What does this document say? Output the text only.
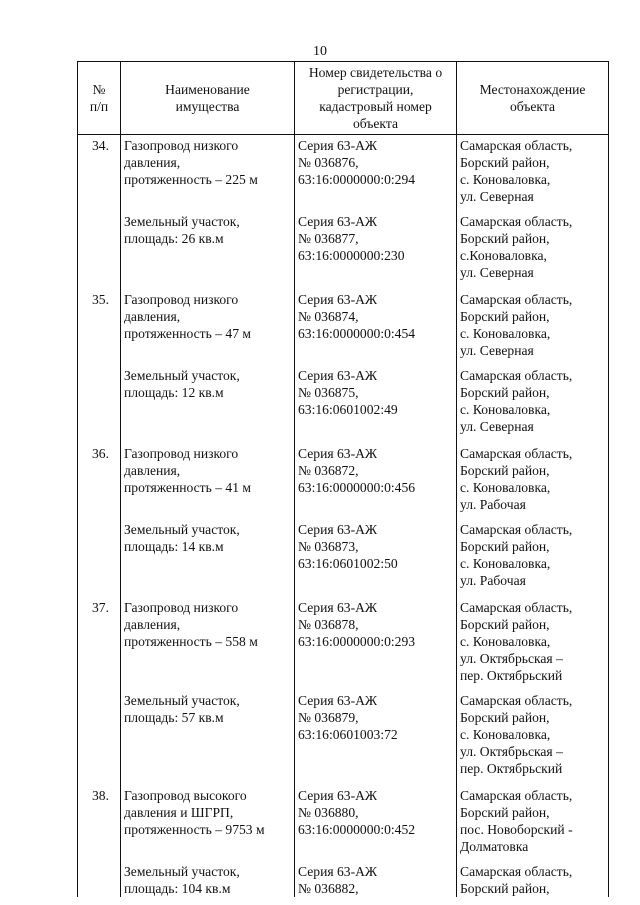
10
№
п/п	Наименование
имущества	Номер свидетельства о
регистрации,
кадастровый номер
объекта	Местонахождение
объекта

34.	Газопровод низкого
давления,
протяженность – 225 м	Серия 63-АЖ
№ 036876,
63:16:0000000:0:294	Самарская область,
Борский район,
с. Коноваловка,
ул. Северная

	Земельный участок,
площадь: 26 кв.м	Серия 63-АЖ
№ 036877,
63:16:0000000:230	Самарская область,
Борский район,
с.Коноваловка,
ул. Северная

35.	Газопровод низкого
давления,
протяженность – 47 м	Серия 63-АЖ
№ 036874,
63:16:0000000:0:454	Самарская область,
Борский район,
с. Коноваловка,
ул. Северная

	Земельный участок,
площадь: 12 кв.м	Серия 63-АЖ
№ 036875,
63:16:0601002:49	Самарская область,
Борский район,
с. Коноваловка,
ул. Северная

36.	Газопровод низкого
давления,
протяженность – 41 м	Серия 63-АЖ
№ 036872,
63:16:0000000:0:456	Самарская область,
Борский район,
с. Коноваловка,
ул. Рабочая

	Земельный участок,
площадь: 14 кв.м	Серия 63-АЖ
№ 036873,
63:16:0601002:50	Самарская область,
Борский район,
с. Коноваловка,
ул. Рабочая

37.	Газопровод низкого
давления,
протяженность – 558 м	Серия 63-АЖ
№ 036878,
63:16:0000000:0:293	Самарская область,
Борский район,
с. Коноваловка,
ул. Октябрьская –
пер. Октябрьский

	Земельный участок,
площадь: 57 кв.м	Серия 63-АЖ
№ 036879,
63:16:0601003:72	Самарская область,
Борский район,
с. Коноваловка,
ул. Октябрьская –
пер. Октябрьский

38.	Газопровод высокого
давления и ШГРП,
протяженность – 9753 м	Серия 63-АЖ
№ 036880,
63:16:0000000:0:452	Самарская область,
Борский район,
пос. Новоборский -
Долматовка

	Земельный участок,
площадь: 104 кв.м	Серия 63-АЖ
№ 036882,	Самарская область,
Борский район,
